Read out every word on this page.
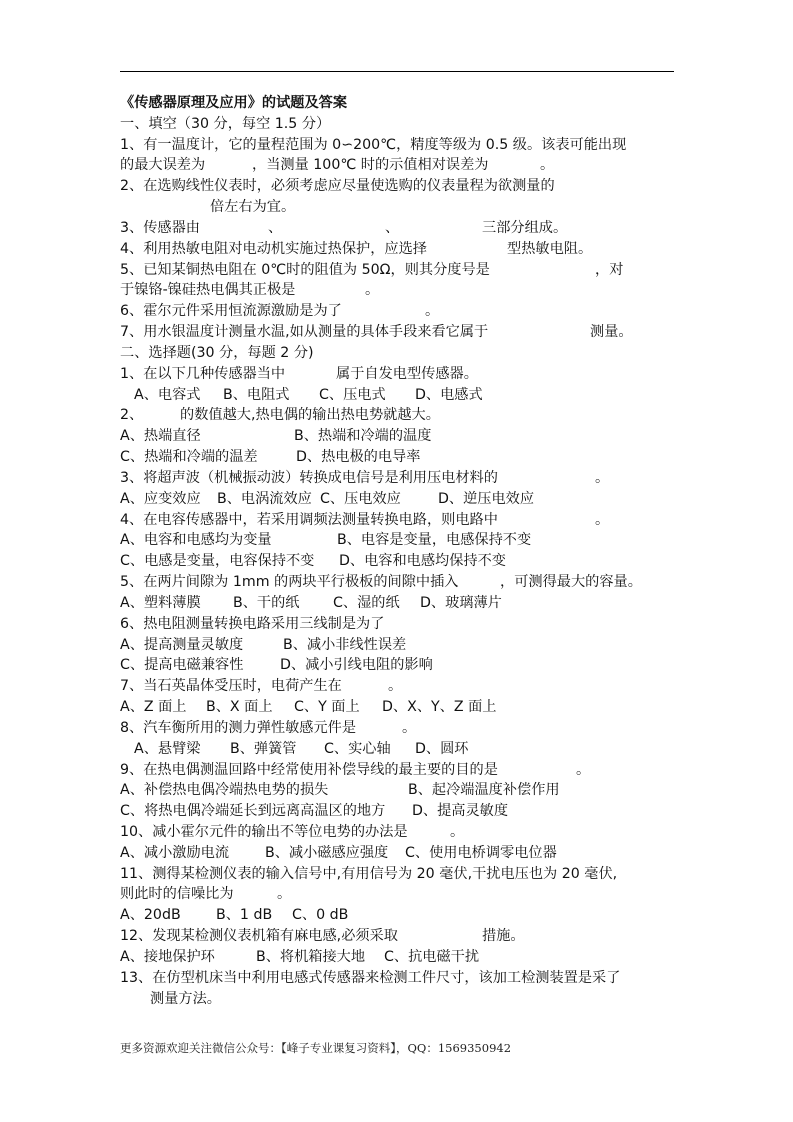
《传感器原理及应用》的试题及答案
一、填空（30 分，每空 1.5 分）
1、有一温度计，它的量程范围为 0∽200℃，精度等级为 0.5 级。该表可能出现
的最大误差为	，当测量 100℃ 时的示值相对误差为	。
2、在选购线性仪表时，必须考虑应尽量使选购的仪表量程为欲测量的
倍左右为宜。
3、传感器由	、	、	三部分组成。
4、利用热敏电阻对电动机实施过热保护，应选择	型热敏电阻。
5、已知某铜热电阻在 0℃时的阻值为 50Ω，则其分度号是	，对
于镍铬-镍硅热电偶其正极是	。
6、霍尔元件采用恒流源激励是为了	。
7、用水银温度计测量水温,如从测量的具体手段来看它属于	测量。
二、选择题(30 分，每题 2 分)
1、在以下几种传感器当中	属于自发电型传感器。
A、电容式 B、电阻式 C、压电式 D、电感式
2、	的数值越大,热电偶的输出热电势就越大。
A、热端直径	B、热端和冷端的温度
C、热端和冷端的温差	D、热电极的电导率
3、将超声波（机械振动波）转换成电信号是利用压电材料的	。
A、应变效应 B、电涡流效应 C、压电效应	D、逆压电效应
4、在电容传感器中，若采用调频法测量转换电路，则电路中	。
A、电容和电感均为变量	B、电容是变量，电感保持不变
C、电感是变量，电容保持不变 D、电容和电感均保持不变
5、在两片间隙为 1mm 的两块平行极板的间隙中插入	，可测得最大的容量。
A、塑料薄膜 B、干的纸 C、湿的纸 D、玻璃薄片
6、热电阻测量转换电路采用三线制是为了
A、提高测量灵敏度	B、减小非线性误差
C、提高电磁兼容性	D、减小引线电阻的影响
7、当石英晶体受压时，电荷产生在	。
A、Z 面上 B、X 面上 C、Y 面上 D、X、Y、Z 面上
8、汽车衡所用的测力弹性敏感元件是	。
A、悬臂梁 B、弹簧管 C、实心轴 D、圆环
9、在热电偶测温回路中经常使用补偿导线的最主要的目的是	。
A、补偿热电偶冷端热电势的损失	B、起冷端温度补偿作用
C、将热电偶冷端延长到远离高温区的地方 D、提高灵敏度
10、减小霍尔元件的输出不等位电势的办法是	。
A、减小激励电流	B、减小磁感应强度 C、使用电桥调零电位器
11、测得某检测仪表的输入信号中,有用信号为 20 毫伏,干扰电压也为 20 毫伏,
则此时的信噪比为	。
A、20dB B、1 dB C、0 dB
12、发现某检测仪表机箱有麻电感,必须采取	措施。
A、接地保护环	B、将机箱接大地 C、抗电磁干扰
13、在仿型机床当中利用电感式传感器来检测工件尺寸，该加工检测装置是采了
测量方法。
更多资源欢迎关注微信公众号：【峰子专业课复习资料】，QQ：1569350942
